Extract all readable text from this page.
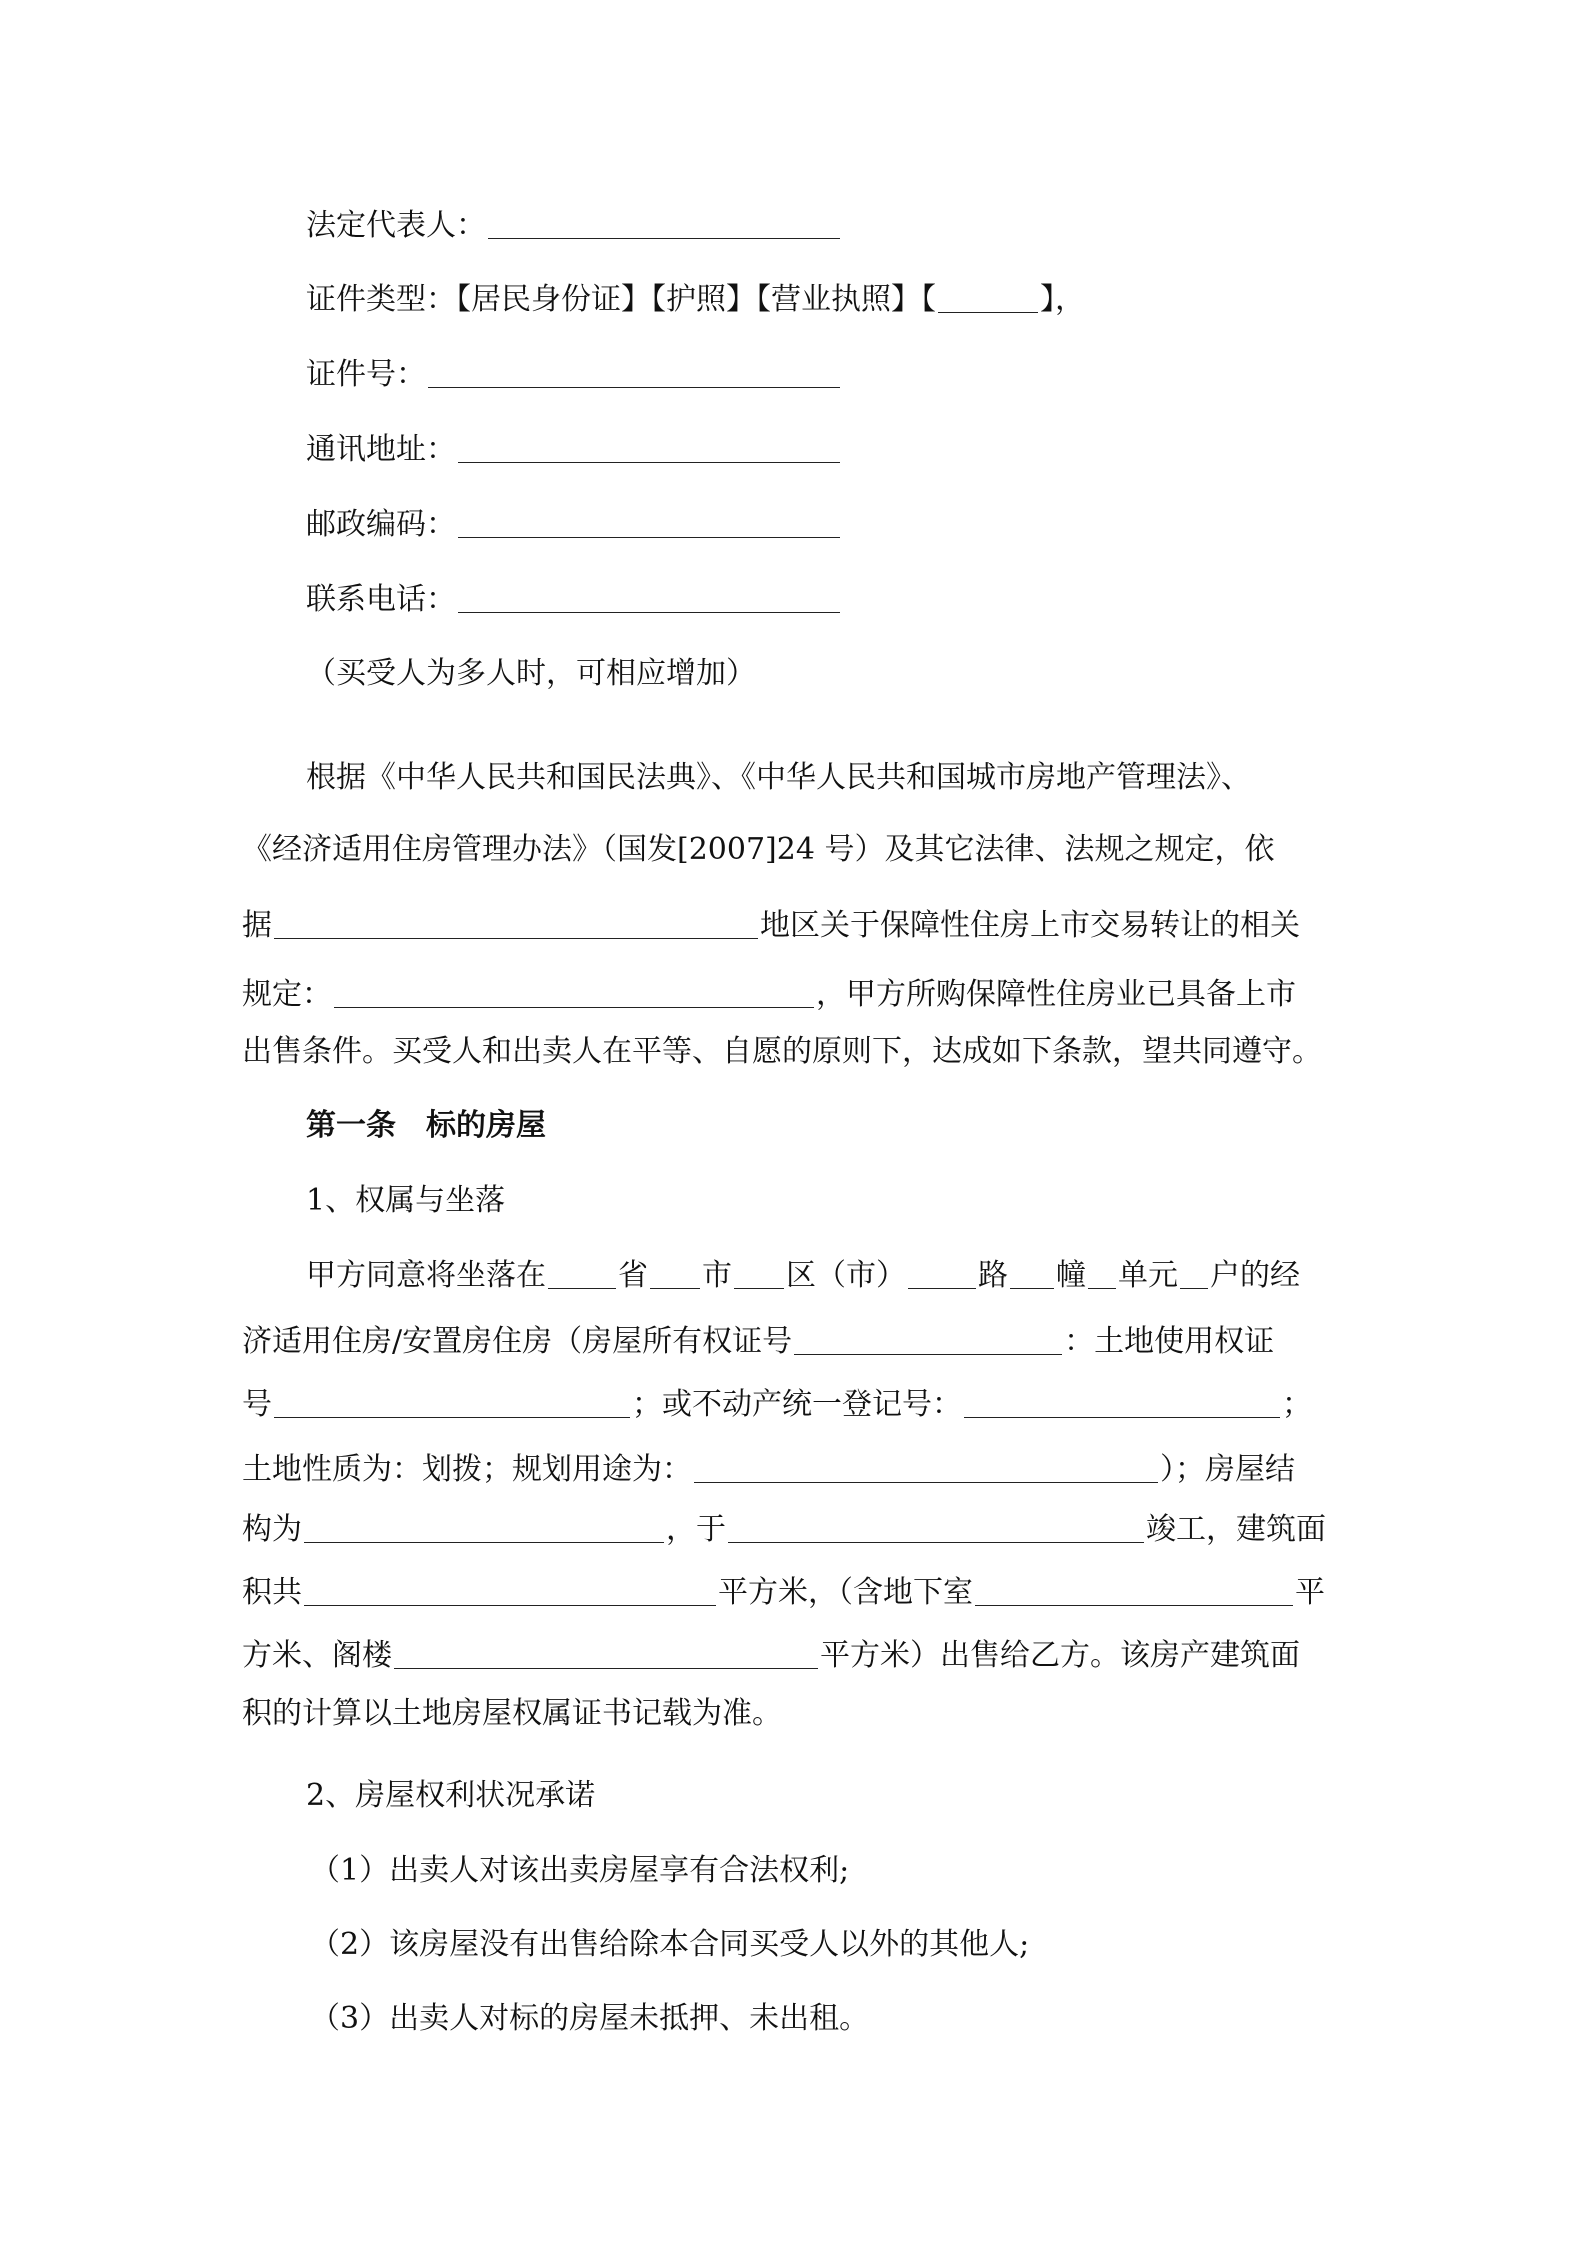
法定代表人：
证件类型：【居民身份证】【护照】【营业执照】【	】，
证件号：
通讯地址：
邮政编码：
联系电话：
（买受人为多人时，可相应增加）
根据《中华人民共和国民法典》、《中华人民共和国城市房地产管理法》、
《经济适用住房管理办法》（国发[2007]24 号）及其它法律、法规之规定，依
据	地区关于保障性住房上市交易转让的相关
规定：	，甲方所购保障性住房业已具备上市
出售条件。买受人和出卖人在平等、自愿的原则下，达成如下条款，望共同遵守。
第一条　标的房屋
1、权属与坐落
甲方同意将坐落在 省 市 区（市） 路 幢 单元 户的经
济适用住房/安置房住房（房屋所有权证号	：土地使用权证
号	；或不动产统一登记号：	；
土地性质为：划拨；规划用途为：	）；房屋结
构为	，于	竣工，建筑面
积共	平方米，（含地下室	平
方米、阁楼	平方米）出售给乙方。该房产建筑面
积的计算以土地房屋权属证书记载为准。
2、房屋权利状况承诺
（1）出卖人对该出卖房屋享有合法权利;
（2）该房屋没有出售给除本合同买受人以外的其他人;
（3）出卖人对标的房屋未抵押、未出租。
